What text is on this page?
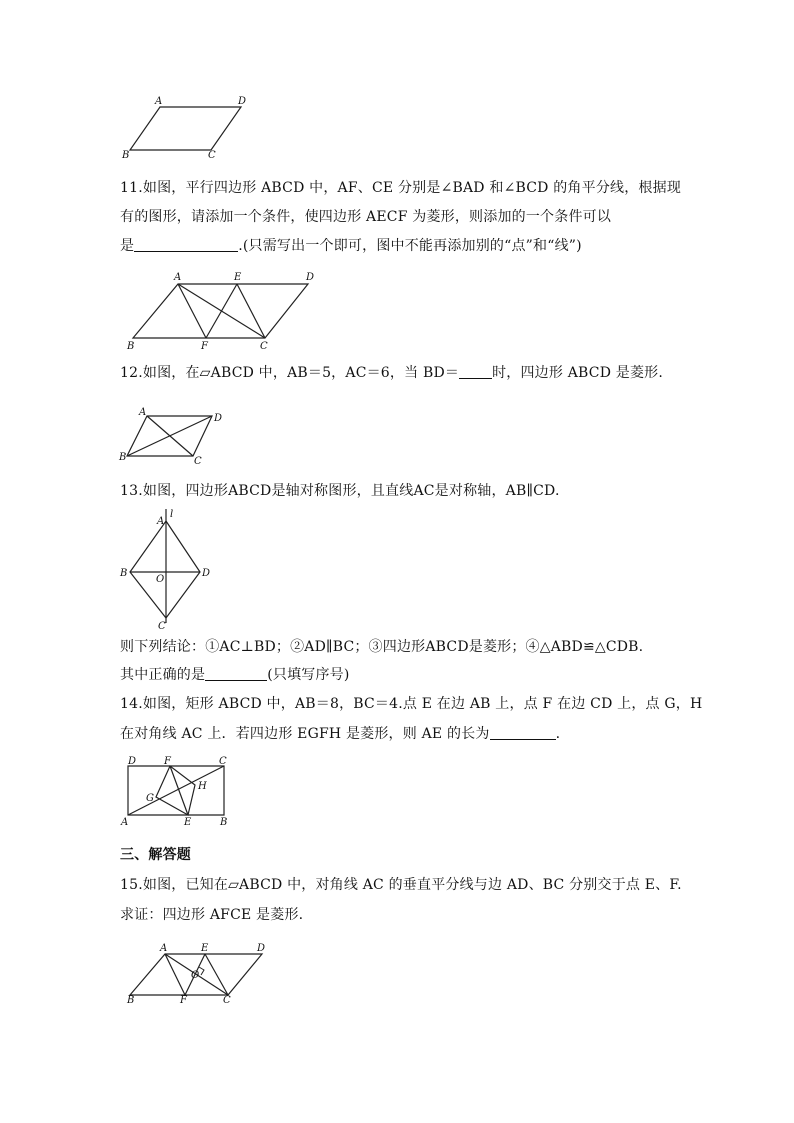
A	D
B	C
11.如图，平行四边形 ABCD 中，AF、CE 分别是∠BAD 和∠BCD 的角平分线，根据现
有的图形，请添加一个条件，使四边形 AECF 为菱形，则添加的一个条件可以
是	.(只需写出一个即可，图中不能再添加别的“点”和“线”)
A	E	D
B	F	C
12.如图，在▱ABCD 中，AB＝5，AC＝6，当 BD＝ 时，四边形 ABCD 是菱形.
A
D
B	C
13.如图，四边形ABCD是轴对称图形，且直线AC是对称轴，AB∥CD.
l
A
B	D
O
C
则下列结论：①AC⊥BD；②AD∥BC；③四边形ABCD是菱形；④△ABD≌△CDB.
其中正确的是	(只填写序号)
14.如图，矩形 ABCD 中，AB＝8，BC＝4.点 E 在边 AB 上，点 F 在边 CD 上，点 G，H
在对角线 AC 上．若四边形 EGFH 是菱形，则 AE 的长为	.
D	F	C
G
H
A	E	B
三、解答题
15.如图，已知在▱ABCD 中，对角线 AC 的垂直平分线与边 AD、BC 分别交于点 E、F.
求证：四边形 AFCE 是菱形.
A	E	D
O
B	F	C
